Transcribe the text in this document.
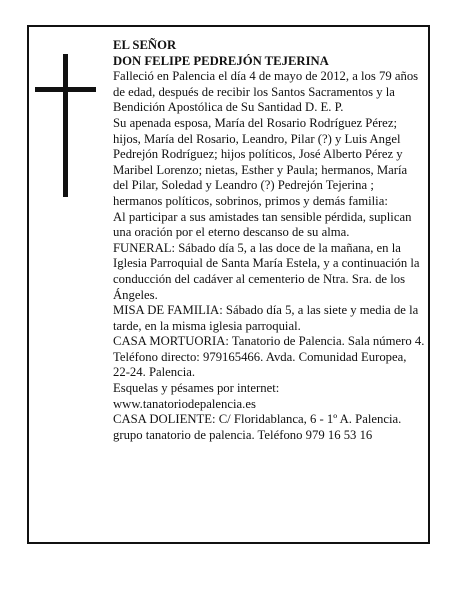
EL SEÑOR

DON FELIPE PEDREJÓN TEJERINA

Falleció en Palencia el día 4 de mayo de 2012, a los 79 años de edad, después de recibir los Santos Sacramentos y la Bendición Apostólica de Su Santidad D. E. P.

Su apenada esposa, María del Rosario Rodríguez Pérez; hijos, María del Rosario, Leandro, Pilar (?) y Luis Angel Pedrejón Rodríguez; hijos políticos, José Alberto Pérez y Maribel Lorenzo; nietas, Esther y Paula; hermanos, María del Pilar, Soledad y Leandro (?) Pedrejón Tejerina ; hermanos políticos, sobrinos, primos y demás familia:

Al participar a sus amistades tan sensible pérdida, suplican una oración por el eterno descanso de su alma.

FUNERAL: Sábado día 5, a las doce de la mañana, en la Iglesia Parroquial de Santa María Estela, y a continuación la conducción del cadáver al cementerio de Ntra. Sra. de los Ángeles.

MISA DE FAMILIA: Sábado día 5, a las siete y media de la tarde, en la misma iglesia parroquial.

CASA MORTUORIA: Tanatorio de Palencia. Sala número 4. Teléfono directo: 979165466. Avda. Comunidad Europea, 22-24. Palencia.

Esquelas y pésames por internet: www.tanatoriodepalencia.es

CASA DOLIENTE: C/ Floridablanca, 6 - 1º A. Palencia.

grupo tanatorio de palencia. Teléfono 979 16 53 16
